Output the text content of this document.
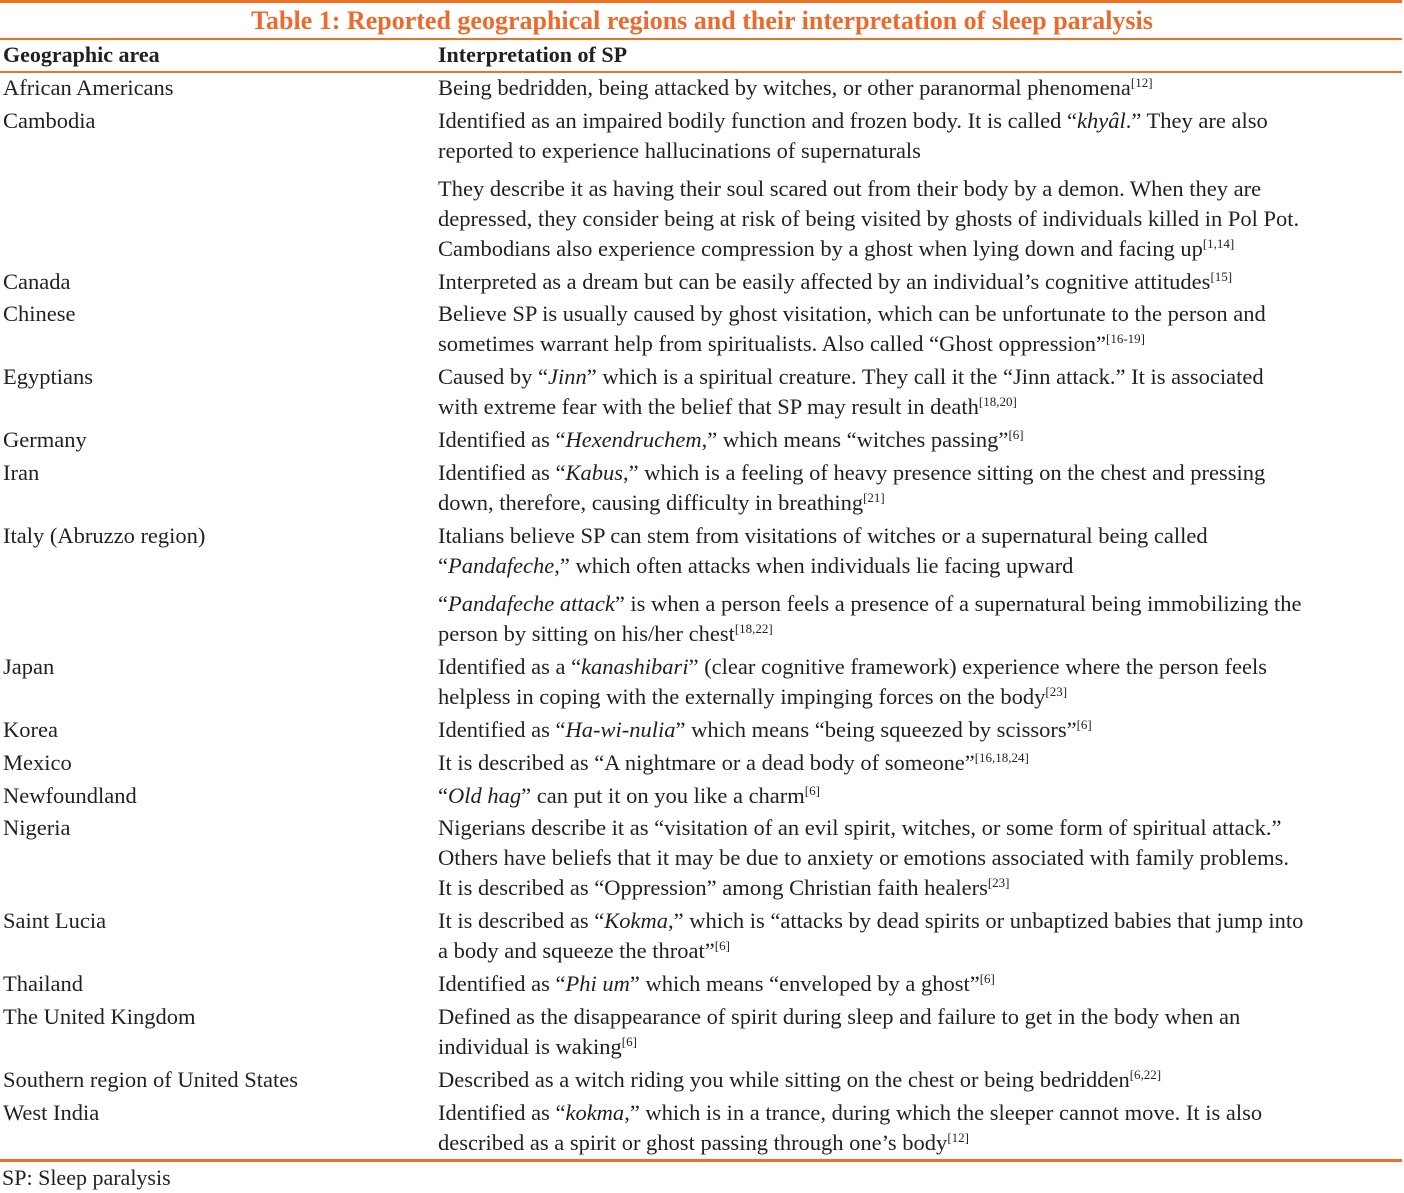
Table 1: Reported geographical regions and their interpretation of sleep paralysis
Geographic area	Interpretation of SP
African Americans	Being bedridden, being attacked by witches, or other paranormal phenomena[12]
Cambodia	Identified as an impaired bodily function and frozen body. It is called “khyâl.” They are also
reported to experience hallucinations of supernaturals
They describe it as having their soul scared out from their body by a demon. When they are
depressed, they consider being at risk of being visited by ghosts of individuals killed in Pol Pot.
Cambodians also experience compression by a ghost when lying down and facing up[1,14]
Canada	Interpreted as a dream but can be easily affected by an individual’s cognitive attitudes[15]
Chinese	Believe SP is usually caused by ghost visitation, which can be unfortunate to the person and
sometimes warrant help from spiritualists. Also called “Ghost oppression”[16-19]
Egyptians	Caused by “Jinn” which is a spiritual creature. They call it the “Jinn attack.” It is associated
with extreme fear with the belief that SP may result in death[18,20]
Germany	Identified as “Hexendruchem,” which means “witches passing”[6]
Iran	Identified as “Kabus,” which is a feeling of heavy presence sitting on the chest and pressing
down, therefore, causing difficulty in breathing[21]
Italy (Abruzzo region)	Italians believe SP can stem from visitations of witches or a supernatural being called
“Pandafeche,” which often attacks when individuals lie facing upward
“Pandafeche attack” is when a person feels a presence of a supernatural being immobilizing the
person by sitting on his/her chest[18,22]
Japan	Identified as a “kanashibari” (clear cognitive framework) experience where the person feels
helpless in coping with the externally impinging forces on the body[23]
Korea	Identified as “Ha-wi-nulia” which means “being squeezed by scissors”[6]
Mexico	It is described as “A nightmare or a dead body of someone”[16,18,24]
Newfoundland	“Old hag” can put it on you like a charm[6]
Nigeria	Nigerians describe it as “visitation of an evil spirit, witches, or some form of spiritual attack.”
Others have beliefs that it may be due to anxiety or emotions associated with family problems.
It is described as “Oppression” among Christian faith healers[23]
Saint Lucia	It is described as “Kokma,” which is “attacks by dead spirits or unbaptized babies that jump into
a body and squeeze the throat”[6]
Thailand	Identified as “Phi um” which means “enveloped by a ghost”[6]
The United Kingdom	Defined as the disappearance of spirit during sleep and failure to get in the body when an
individual is waking[6]
Southern region of United States	Described as a witch riding you while sitting on the chest or being bedridden[6,22]
West India	Identified as “kokma,” which is in a trance, during which the sleeper cannot move. It is also
described as a spirit or ghost passing through one’s body[12]
SP: Sleep paralysis
